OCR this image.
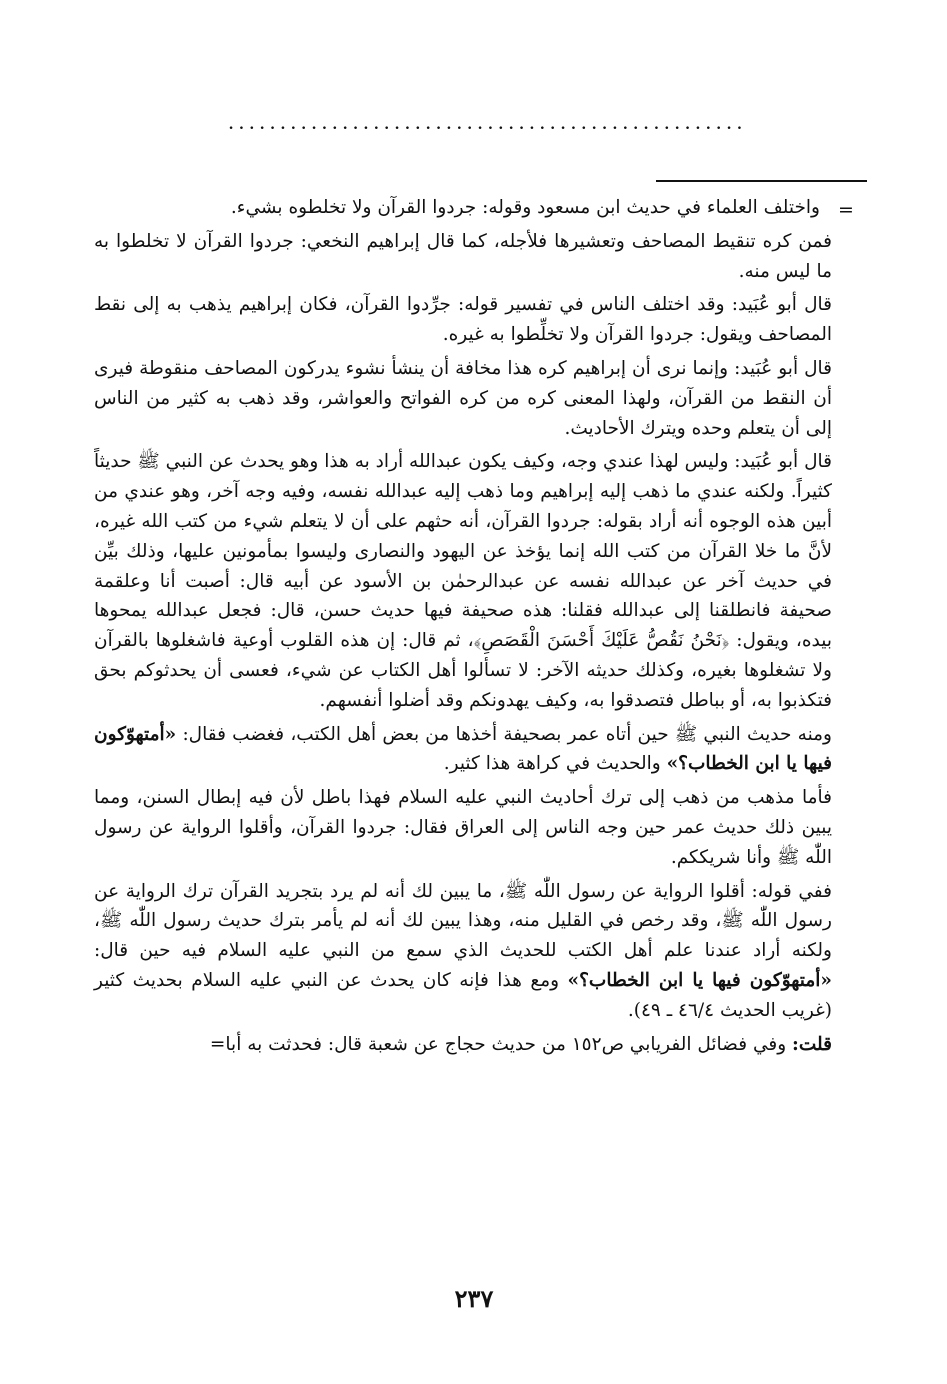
..................................................
=

واختلف العلماء في حديث ابن مسعود وقوله: جردوا القرآن ولا تخلطوه بشيء.

فمن كره تنقيط المصاحف وتعشيرها فلأجله، كما قال إبراهيم النخعي: جردوا القرآن لا تخلطوا به ما ليس منه.

قال أبو عُبَيد: وقد اختلف الناس في تفسير قوله: جرِّدوا القرآن، فكان إبراهيم يذهب به إلى نقط المصاحف ويقول: جردوا القرآن ولا تخلِّطوا به غيره.

قال أبو عُبَيد: وإنما نرى أن إبراهيم كره هذا مخافة أن ينشأ نشوء يدركون المصاحف منقوطة فيرى أن النقط من القرآن، ولهذا المعنى كره من كره الفواتح والعواشر، وقد ذهب به كثير من الناس إلى أن يتعلم وحده ويترك الأحاديث.

قال أبو عُبَيد: وليس لهذا عندي وجه، وكيف يكون عبدالله أراد به هذا وهو يحدث عن النبي ﷺ حديثاً كثيراً. ولكنه عندي ما ذهب إليه إبراهيم وما ذهب إليه عبدالله نفسه، وفيه وجه آخر، وهو عندي من أبين هذه الوجوه أنه أراد بقوله: جردوا القرآن، أنه حثهم على أن لا يتعلم شيء من كتب الله غيره، لأنَّ ما خلا القرآن من كتب الله إنما يؤخذ عن اليهود والنصارى وليسوا بمأمونين عليها، وذلك بيِّن في حديث آخر عن عبدالله نفسه عن عبدالرحمٰن بن الأسود عن أبيه قال: أصبت أنا وعلقمة صحيفة فانطلقنا إلى عبدالله فقلنا: هذه صحيفة فيها حديث حسن، قال: فجعل عبدالله يمحوها بيده، ويقول: ﴿نَحْنُ نَقُصُّ عَلَيْكَ أَحْسَنَ الْقَصَصِ﴾، ثم قال: إن هذه القلوب أوعية فاشغلوها بالقرآن ولا تشغلوها بغيره، وكذلك حديثه الآخر: لا تسألوا أهل الكتاب عن شيء، فعسى أن يحدثوكم بحق فتكذبوا به، أو بباطل فتصدقوا به، وكيف يهدونكم وقد أضلوا أنفسهم.

ومنه حديث النبي ﷺ حين أتاه عمر بصحيفة أخذها من بعض أهل الكتب، فغضب فقال: «أمتهوّكون فيها يا ابن الخطاب؟» والحديث في كراهة هذا كثير.

فأما مذهب من ذهب إلى ترك أحاديث النبي عليه السلام فهذا باطل لأن فيه إبطال السنن، ومما يبين ذلك حديث عمر حين وجه الناس إلى العراق فقال: جردوا القرآن، وأقلوا الرواية عن رسول اللّٰه ﷺ وأنا شريككم.

ففي قوله: أقلوا الرواية عن رسول اللّٰه ﷺ، ما يبين لك أنه لم يرد بتجريد القرآن ترك الرواية عن رسول اللّٰه ﷺ، وقد رخص في القليل منه، وهذا يبين لك أنه لم يأمر بترك حديث رسول اللّٰه ﷺ، ولكنه أراد عندنا علم أهل الكتب للحديث الذي سمع من النبي عليه السلام فيه حين قال: «أمتهوّكون فيها يا ابن الخطاب؟» ومع هذا فإنه كان يحدث عن النبي عليه السلام بحديث كثير (غريب الحديث ٤٦/٤ ـ ٤٩).

قلت: وفي فضائل الفريابي ص١٥٢ من حديث حجاج عن شعبة قال: فحدثت به أبا=

٢٣٧
